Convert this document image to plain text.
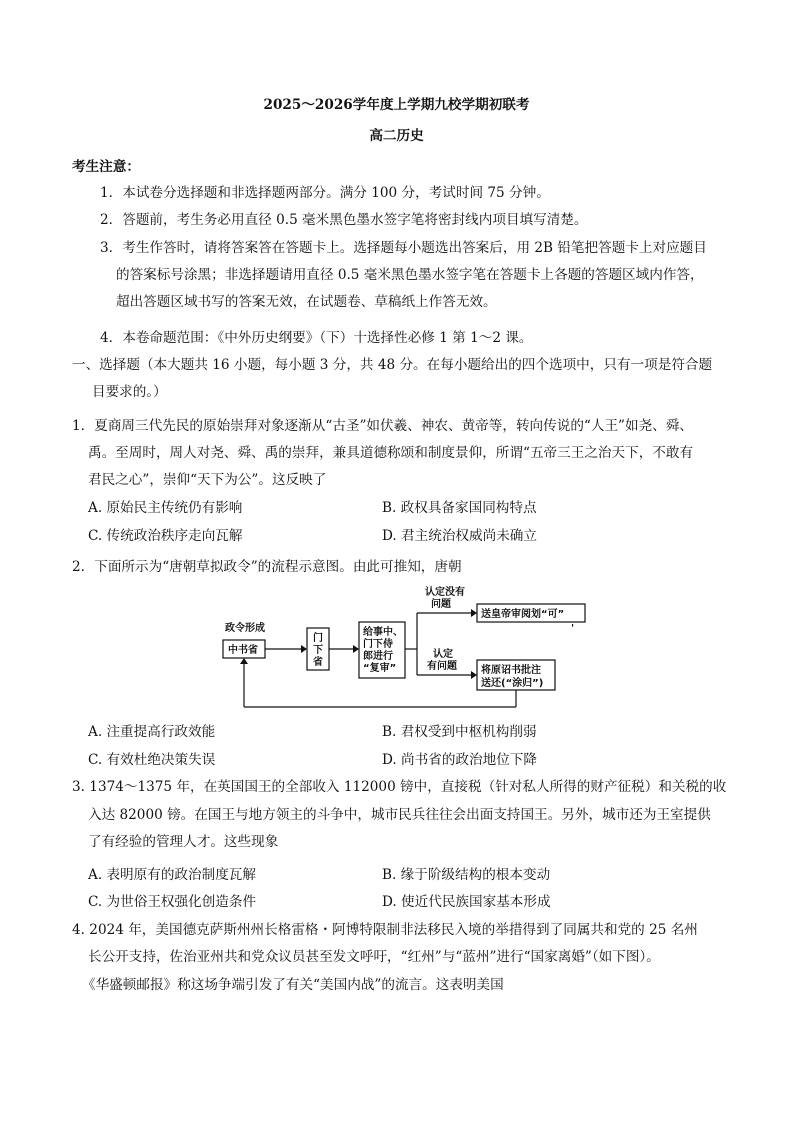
2025～2026学年度上学期九校学期初联考
高二历史
考生注意：
1．本试卷分选择题和非选择题两部分。满分 100 分，考试时间 75 分钟。
2．答题前，考生务必用直径 0.5 毫米黑色墨水签字笔将密封线内项目填写清楚。
3．考生作答时，请将答案答在答题卡上。选择题每小题选出答案后，用 2B 铅笔把答题卡上对应题目
的答案标号涂黑；非选择题请用直径 0.5 毫米黑色墨水签字笔在答题卡上各题的答题区域内作答，
超出答题区域书写的答案无效，在试题卷、草稿纸上作答无效。
4．本卷命题范围：《中外历史纲要》（下）十选择性必修 1 第 1～2 课。
一、选择题（本大题共 16 小题，每小题 3 分，共 48 分。在每小题给出的四个选项中，只有一项是符合题
目要求的。）
1．夏商周三代先民的原始崇拜对象逐渐从“古圣”如伏羲、神农、黄帝等，转向传说的“人王”如尧、舜、
禹。至周时，周人对尧、舜、禹的崇拜，兼具道德称颂和制度景仰，所谓“五帝三王之治天下，不敢有
君民之心”，崇仰“天下为公”。这反映了
A. 原始民主传统仍有影响	B. 政权具备家国同构特点
C. 传统政治秩序走向瓦解	D. 君主统治权威尚未确立
2．下面所示为“唐朝草拟政令”的流程示意图。由此可推知，唐朝
政令形成
中书省
门
下
省
给事中、
门下侍
郎进行
“复审”
认定没有
问题
送皇帝审阅划“可”
'
认定
有问题 将原诏书批注
送还(“涂归”)
A. 注重提高行政效能	B. 君权受到中枢机构削弱
C. 有效杜绝决策失误	D. 尚书省的政治地位下降
3. 1374～1375 年，在英国国王的全部收入 112000 镑中，直接税（针对私人所得的财产征税）和关税的收
入达 82000 镑。在国王与地方领主的斗争中，城市民兵往往会出面支持国王。另外，城市还为王室提供
了有经验的管理人才。这些现象
A. 表明原有的政治制度瓦解	B. 缘于阶级结构的根本变动
C. 为世俗王权强化创造条件	D. 使近代民族国家基本形成
4. 2024 年，美国德克萨斯州州长格雷格・阿博特限制非法移民入境的举措得到了同属共和党的 25 名州
长公开支持，佐治亚州共和党众议员甚至发文呼吁，“红州”与“蓝州”进行“国家离婚”（如下图）。
《华盛顿邮报》称这场争端引发了有关“美国内战”的流言。这表明美国
